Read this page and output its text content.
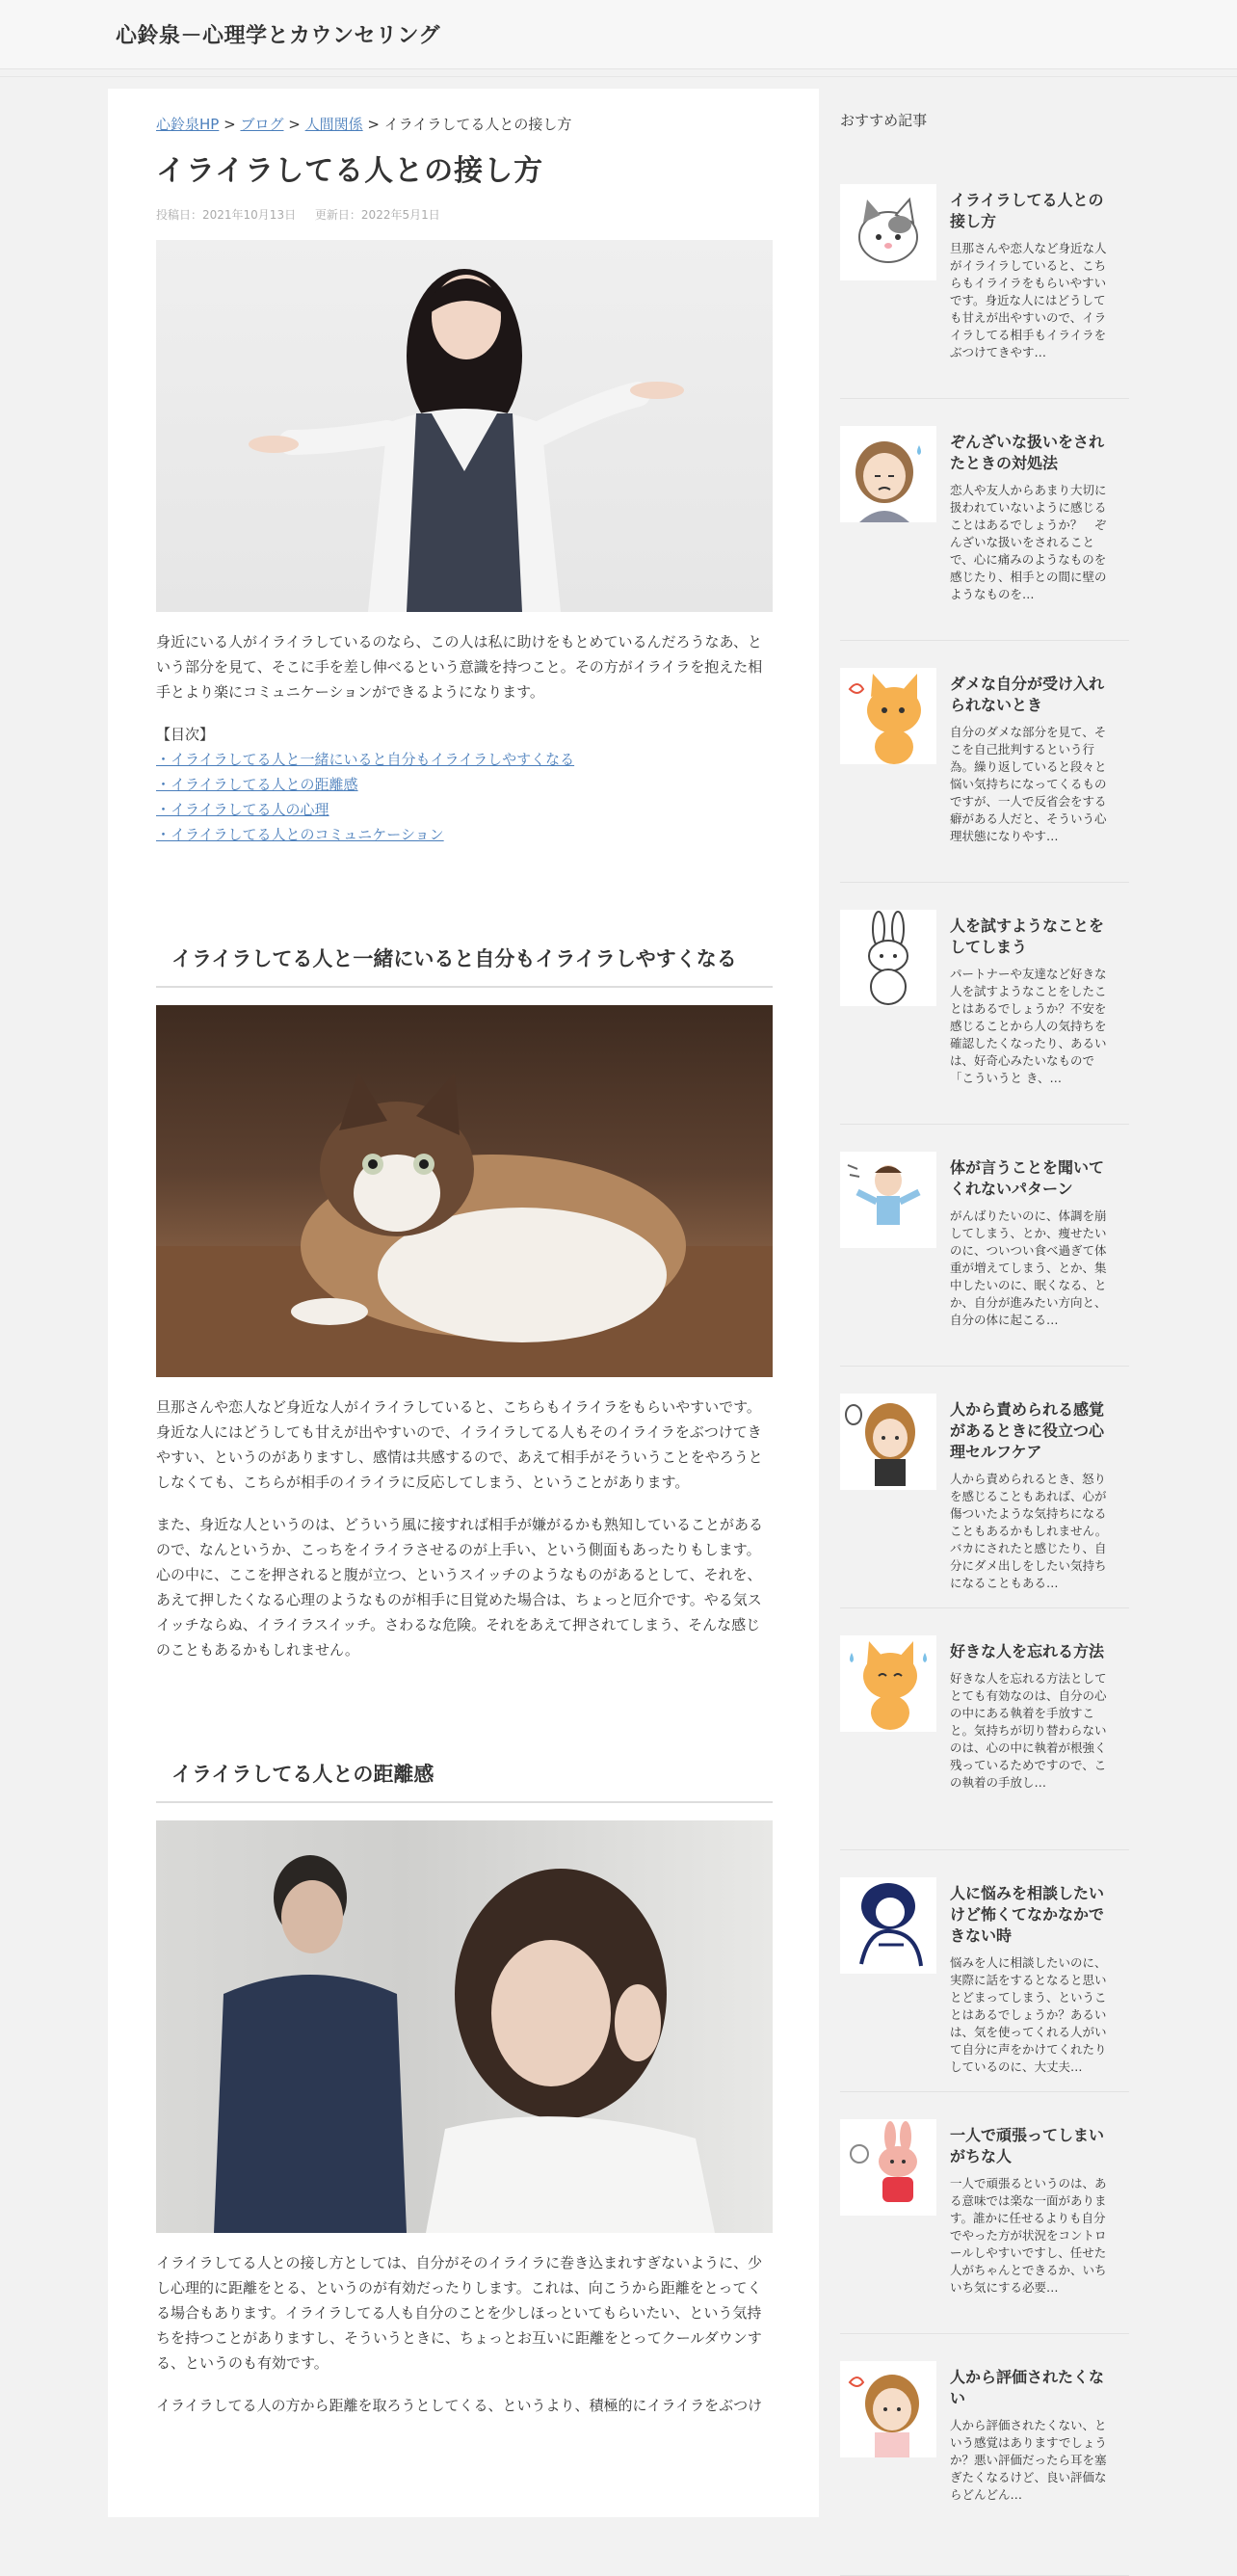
心鈴泉－心理学とカウンセリング
心鈴泉HP > ブログ > 人間関係 > イライラしてる人との接し方
イライラしてる人との接し方
投稿日：2021年10月13日 更新日：2022年5月1日

身近にいる人がイライラしているのなら、この人は私に助けをもとめているんだろうなあ、という部分を見て、そこに手を差し伸べるという意識を持つこと。その方がイライラを抱えた相手とより楽にコミュニケーションができるようになります。

【目次】
・イライラしてる人と一緒にいると自分もイライラしやすくなる
・イライラしてる人との距離感
・イライラしてる人の心理
・イライラしてる人とのコミュニケーション
イライラしてる人と一緒にいると自分もイライラしやすくなる

旦那さんや恋人など身近な人がイライラしていると、こちらもイライラをもらいやすいです。身近な人にはどうしても甘えが出やすいので、イライラしてる人もそのイライラをぶつけてきやすい、というのがありますし、感情は共感するので、あえて相手がそういうことをやろうとしなくても、こちらが相手のイライラに反応してしまう、ということがあります。

また、身近な人というのは、どういう風に接すれば相手が嫌がるかも熟知していることがあるので、なんというか、こっちをイライラさせるのが上手い、という側面もあったりもします。心の中に、ここを押されると腹が立つ、というスイッチのようなものがあるとして、それを、あえて押したくなる心理のようなものが相手に目覚めた場合は、ちょっと厄介です。やる気スイッチならぬ、イライラスイッチ。さわるな危険。それをあえて押されてしまう、そんな感じのこともあるかもしれません。

イライラしてる人との距離感

イライラしてる人との接し方としては、自分がそのイライラに巻き込まれすぎないように、少し心理的に距離をとる、というのが有効だったりします。これは、向こうから距離をとってくる場合もあります。イライラしてる人も自分のことを少しほっといてもらいたい、という気持ちを持つことがありますし、そういうときに、ちょっとお互いに距離をとってクールダウンする、というのも有効です。

イライラしてる人の方から距離を取ろうとしてくる、というより、積極的にイライラをぶつけ

おすすめ記事
イライラしてる人との接し方
旦那さんや恋人など身近な人がイライラしていると、こちらもイライラをもらいやすいです。身近な人にはどうしても甘えが出やすいので、イライラしてる相手もイライラをぶつけてきやす…
ぞんざいな扱いをされたときの対処法
恋人や友人からあまり大切に扱われていないように感じることはあるでしょうか？　ぞんざいな扱いをされることで、心に痛みのようなものを感じたり、相手との間に壁のようなものを…
ダメな自分が受け入れられないとき
自分のダメな部分を見て、そこを自己批判するという行為。繰り返していると段々と悩い気持ちになってくるものですが、一人で反省会をする癖がある人だと、そういう心理状態になりやす…
人を試すようなことをしてしまう
パートナーや友達など好きな人を試すようなことをしたことはあるでしょうか？不安を感じることから人の気持ちを確認したくなったり、あるいは、好奇心みたいなもので「こういうと き、…
体が言うことを聞いてくれないパターン
がんばりたいのに、体調を崩してしまう、とか、痩せたいのに、ついつい食べ過ぎて体重が増えてしまう、とか、集中したいのに、眠くなる、とか、自分が進みたい方向と、自分の体に起こる…
人から責められる感覚があるときに役立つ心理セルフケア
人から責められるとき、怒りを感じることもあれば、心が傷ついたような気持ちになることもあるかもしれません。バカにされたと感じたり、自分にダメ出しをしたい気持ちになることもある…
好きな人を忘れる方法
好きな人を忘れる方法としてとても有効なのは、自分の心の中にある執着を手放すこと。気持ちが切り替わらないのは、心の中に執着が根強く残っているためですので、この執着の手放し…
人に悩みを相談したいけど怖くてなかなかできない時
悩みを人に相談したいのに、実際に話をするとなると思いとどまってしまう、ということはあるでしょうか？あるいは、気を使ってくれる人がいて自分に声をかけてくれたりしているのに、大丈夫…
一人で頑張ってしまいがちな人
一人で頑張るというのは、ある意味では楽な一面があります。誰かに任せるよりも自分でやった方が状況をコントロールしやすいですし、任せた人がちゃんとできるか、いちいち気にする必要…
人から評価されたくない
人から評価されたくない、という感覚はありますでしょうか？悪い評価だったら耳を塞ぎたくなるけど、良い評価ならどんどん…
